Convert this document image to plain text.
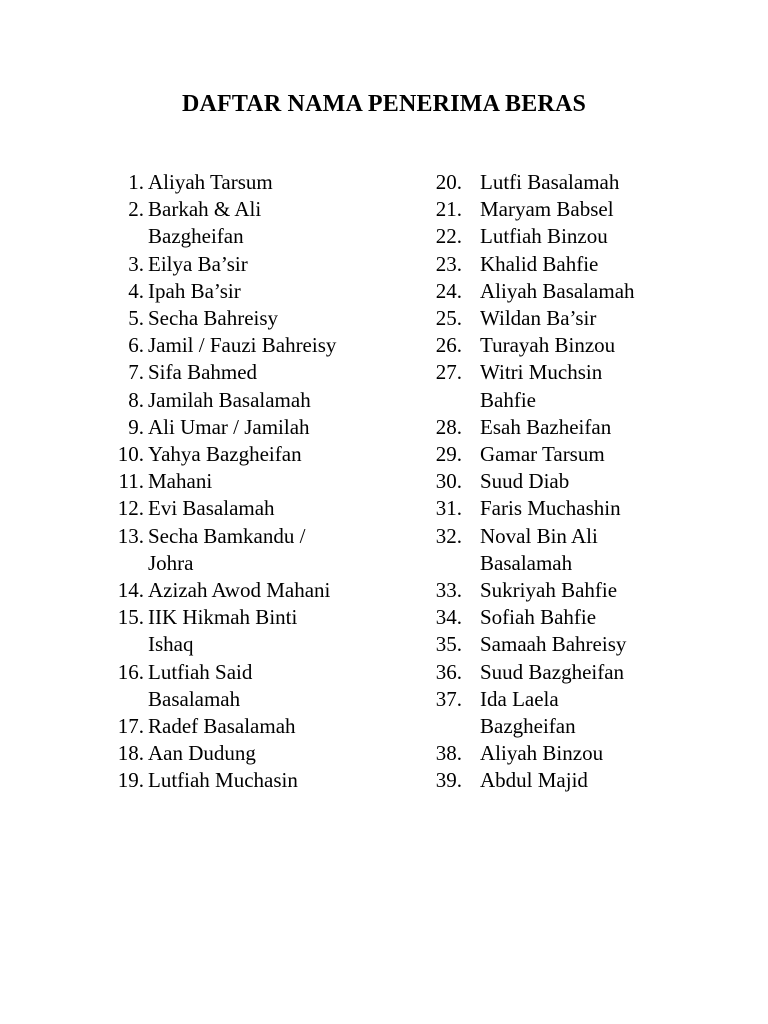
DAFTAR NAMA PENERIMA BERAS
1. Aliyah Tarsum
2. Barkah & Ali Bazgheifan
3. Eilya Ba’sir
4. Ipah Ba’sir
5. Secha Bahreisy
6. Jamil / Fauzi Bahreisy
7. Sifa Bahmed
8. Jamilah Basalamah
9. Ali Umar / Jamilah
10. Yahya Bazgheifan
11. Mahani
12. Evi Basalamah
13. Secha Bamkandu / Johra
14. Azizah Awod Mahani
15. IIK Hikmah Binti Ishaq
16. Lutfiah Said Basalamah
17. Radef Basalamah
18. Aan Dudung
19. Lutfiah Muchasin
20. Lutfi Basalamah
21. Maryam Babsel
22. Lutfiah Binzou
23. Khalid Bahfie
24. Aliyah Basalamah
25. Wildan Ba’sir
26. Turayah Binzou
27. Witri Muchsin Bahfie
28. Esah Bazheifan
29. Gamar Tarsum
30. Suud Diab
31. Faris Muchashin
32. Noval Bin Ali Basalamah
33. Sukriyah Bahfie
34. Sofiah Bahfie
35. Samaah Bahreisy
36. Suud Bazgheifan
37. Ida Laela Bazgheifan
38. Aliyah Binzou
39. Abdul Majid
